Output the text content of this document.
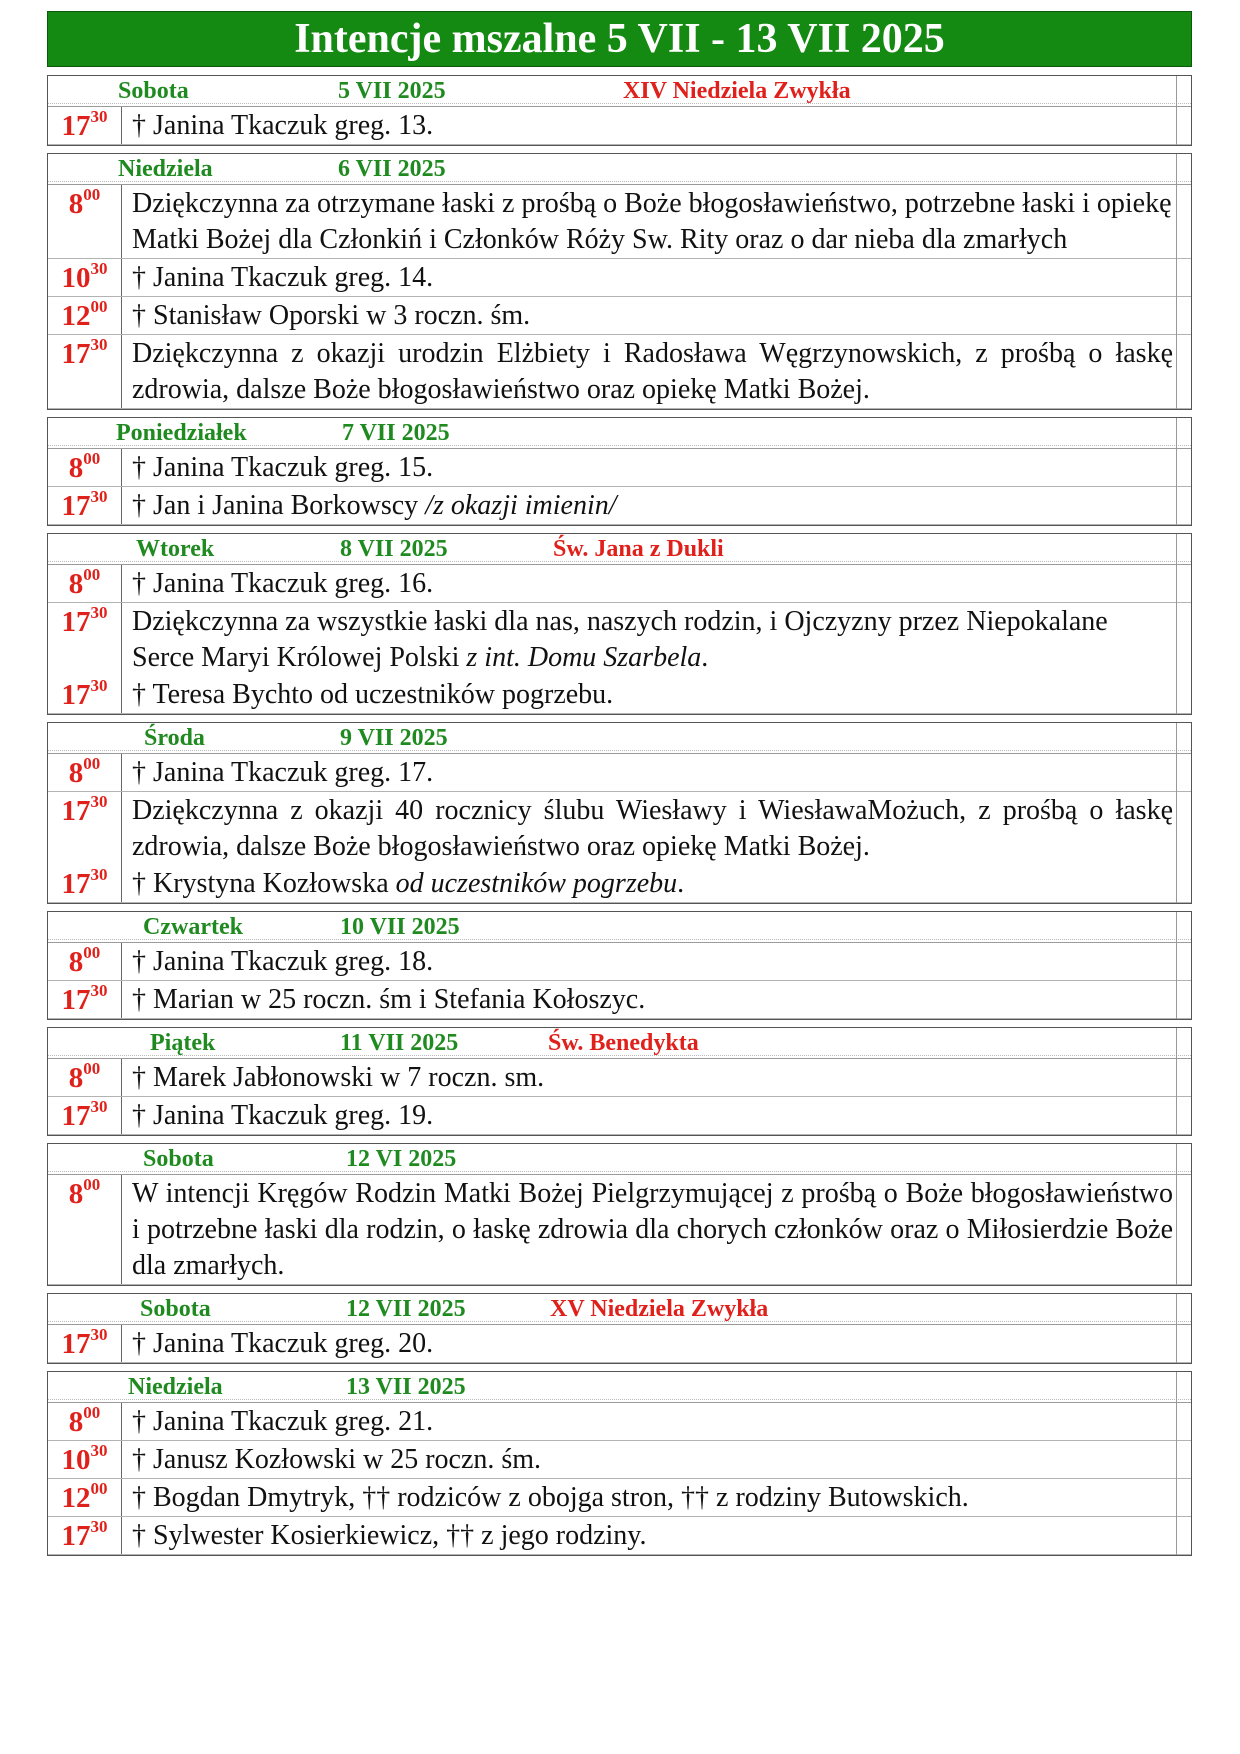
Intencje mszalne 5 VII - 13 VII 2025
Sobota	5 VII 2025	XIV Niedziela Zwykła
$17^{30}$ † Janina Tkaczuk greg. 13.
Niedziela	6 VII 2025
$8^{00}$	Dziękczynna za otrzymane łaski z prośbą o Boże błogosławieństwo, potrzebne łaski i opiekę Matki Bożej dla Członkiń i Członków Róży Sw. Rity oraz o dar nieba dla zmarłych
$10^{30}$ † Janina Tkaczuk greg. 14.
$12^{00}$ † Stanisław Oporski w 3 roczn. śm.
$17^{30}$ Dziękczynna z okazji urodzin Elżbiety i Radosława Węgrzynowskich, z prośbą o łaskę zdrowia, dalsze Boże błogosławieństwo oraz opiekę Matki Bożej.
Poniedziałek	7 VII 2025
$8^{00}$	† Janina Tkaczuk greg. 15.
$17^{30}$ † Jan i Janina Borkowscy /z okazji imienin/
Wtorek	8 VII 2025	Św. Jana z Dukli
$8^{00}$	† Janina Tkaczuk greg. 16.
$17^{30}$ Dziękczynna za wszystkie łaski dla nas, naszych rodzin, i Ojczyzny przez Niepokalane Serce Maryi Królowej Polski z int. Domu Szarbela.
$17^{30}$ † Teresa Bychto od uczestników pogrzebu.
Środa	9 VII 2025
$8^{00}$	† Janina Tkaczuk greg. 17.
$17^{30}$ Dziękczynna z okazji 40 rocznicy ślubu Wiesławy i WiesławaMożuch, z prośbą o łaskę zdrowia, dalsze Boże błogosławieństwo oraz opiekę Matki Bożej.
$17^{30}$ † Krystyna Kozłowska od uczestników pogrzebu.
Czwartek	10 VII 2025
$8^{00}$	† Janina Tkaczuk greg. 18.
$17^{30}$ † Marian w 25 roczn. śm i Stefania Kołoszyc.
Piątek	11 VII 2025	Św. Benedykta
$8^{00}$	† Marek Jabłonowski w 7 roczn. sm.
$17^{30}$ † Janina Tkaczuk greg. 19.
Sobota	12 VI 2025
$8^{00}$	W intencji Kręgów Rodzin Matki Bożej Pielgrzymującej z prośbą o Boże błogosławieństwo i potrzebne łaski dla rodzin, o łaskę zdrowia dla chorych członków oraz o Miłosierdzie Boże dla zmarłych.
Sobota	12 VII 2025	XV Niedziela Zwykła
$17^{30}$ † Janina Tkaczuk greg. 20.
Niedziela	13 VII 2025
$8^{00}$	† Janina Tkaczuk greg. 21.
$10^{30}$ † Janusz Kozłowski w 25 roczn. śm.
$12^{00}$ † Bogdan Dmytryk, †† rodziców z obojga stron, †† z rodziny Butowskich.
$17^{30}$ † Sylwester Kosierkiewicz, †† z jego rodziny.
